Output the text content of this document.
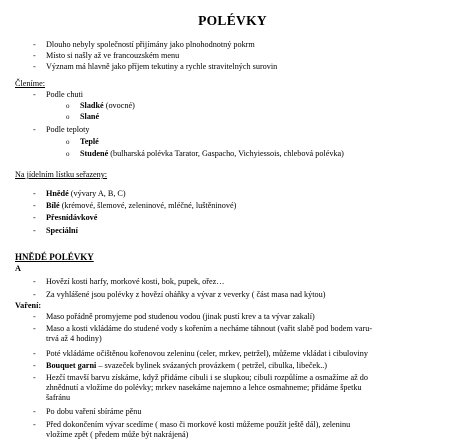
POLÉVKY
- Dlouho nebyly společností přijímány jako plnohodnotný pokrm
- Místo si našly až ve francouzském menu
- Význam má hlavně jako příjem tekutiny a rychle stravitelných surovin
Členíme:
- Podle chuti
o Sladké (ovocné)
o Slané
- Podle teploty
o Teplé
o Studené (bulharská polévka Tarator, Gaspacho, Vichyiessois, chlebová polévka)
Na jídelním lístku seřazeny:
- Hnědé (vývary A, B, C)
- Bílé (krémové, šlemové, zeleninové, mléčné, luštěninové)
- Přesnídávkové
- Speciální
HNĚDÉ POLÉVKY
A
- Hovězí kosti harfy, morkové kosti, bok, pupek, ořez…
- Za vyhlášené jsou polévky z hovězí oháňky a vývar z veverky ( část masa nad kýtou)
Vaření:
- Maso pořádně promyjeme pod studenou vodou (jinak pustí krev a ta vývar zakalí)
- Maso a kosti vkládáme do studené vody s kořením a necháme táhnout (vařit slabě pod bodem varu-
trvá až 4 hodiny)
- Poté vkládáme očištěnou kořenovou zeleninu (celer, mrkev, petržel), můžeme vkládat i cibuloviny
- Bouquet garni – svazeček bylinek svázaných provázkem ( petržel, cibulka, libeček..)
- Hezčí tmavší barvu získáme, když přidáme cibuli i se slupkou; cibuli rozpůlíme a osmažíme až do
zhnědnutí a vložíme do polévky; mrkev nasekáme najemno a lehce osmahneme; přidáme špetku
šafránu
- Po dobu vaření sbíráme pěnu
- Před dokončením vývar scedíme ( maso či morkové kosti můžeme použít ještě dál), zeleninu
vložíme zpět ( předem může být nakrájená)
